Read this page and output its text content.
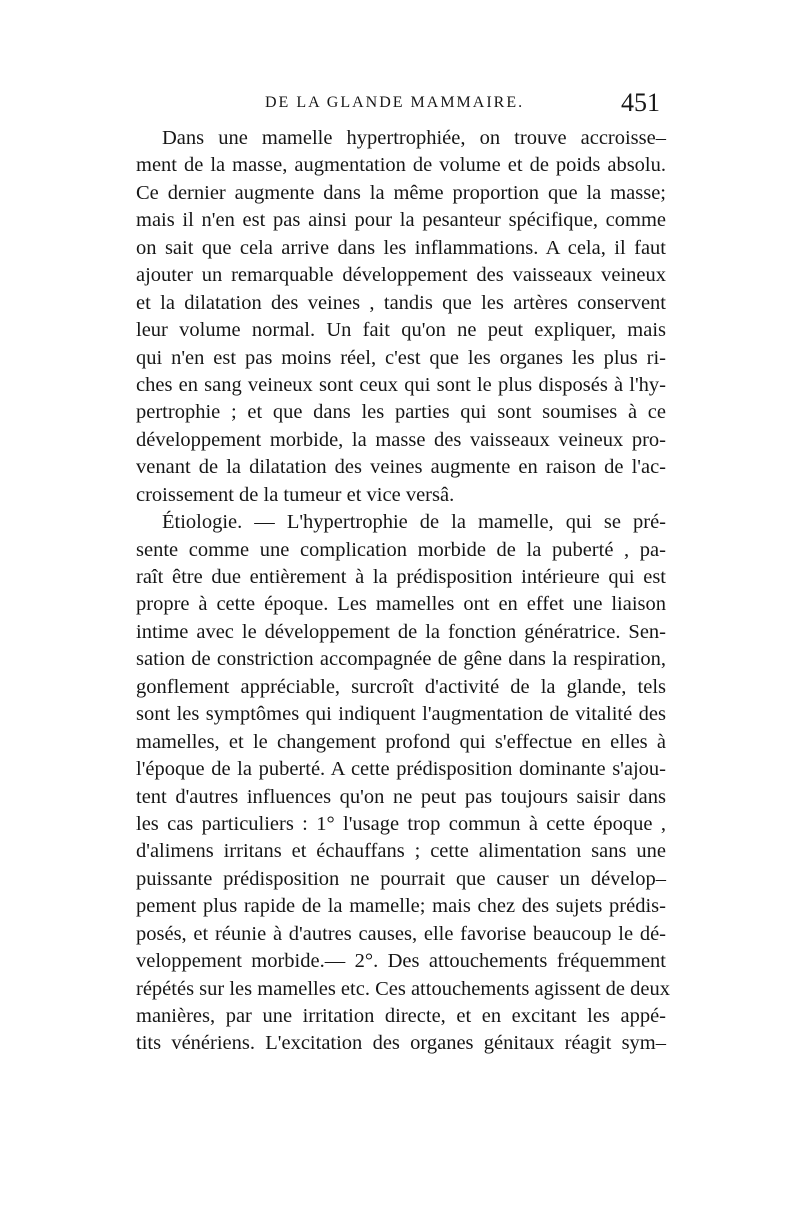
DE LA GLANDE MAMMAIRE.	451
Dans une mamelle hypertrophiée, on trouve accroisse–
ment de la masse, augmentation de volume et de poids absolu.
Ce dernier augmente dans la même proportion que la masse;
mais il n'en est pas ainsi pour la pesanteur spécifique, comme
on sait que cela arrive dans les inflammations. A cela, il faut
ajouter un remarquable développement des vaisseaux veineux
et la dilatation des veines , tandis que les artères conservent
leur volume normal. Un fait qu'on ne peut expliquer, mais
qui n'en est pas moins réel, c'est que les organes les plus ri-
ches en sang veineux sont ceux qui sont le plus disposés à l'hy-
pertrophie ; et que dans les parties qui sont soumises à ce
développement morbide, la masse des vaisseaux veineux pro-
venant de la dilatation des veines augmente en raison de l'ac-
croissement de la tumeur et vice versâ.
Étiologie. — L'hypertrophie de la mamelle, qui se pré-
sente comme une complication morbide de la puberté , pa-
raît être due entièrement à la prédisposition intérieure qui est
propre à cette époque. Les mamelles ont en effet une liaison
intime avec le développement de la fonction génératrice. Sen-
sation de constriction accompagnée de gêne dans la respiration,
gonflement appréciable, surcroît d'activité de la glande, tels
sont les symptômes qui indiquent l'augmentation de vitalité des
mamelles, et le changement profond qui s'effectue en elles à
l'époque de la puberté. A cette prédisposition dominante s'ajou-
tent d'autres influences qu'on ne peut pas toujours saisir dans
les cas particuliers : 1° l'usage trop commun à cette époque ,
d'alimens irritans et échauffans ; cette alimentation sans une
puissante prédisposition ne pourrait que causer un dévelop–
pement plus rapide de la mamelle; mais chez des sujets prédis-
posés, et réunie à d'autres causes, elle favorise beaucoup le dé-
veloppement morbide.— 2°. Des attouchements fréquemment
répétés sur les mamelles etc. Ces attouchements agissent de deux
manières, par une irritation directe, et en excitant les appé-
tits vénériens. L'excitation des organes génitaux réagit sym–
